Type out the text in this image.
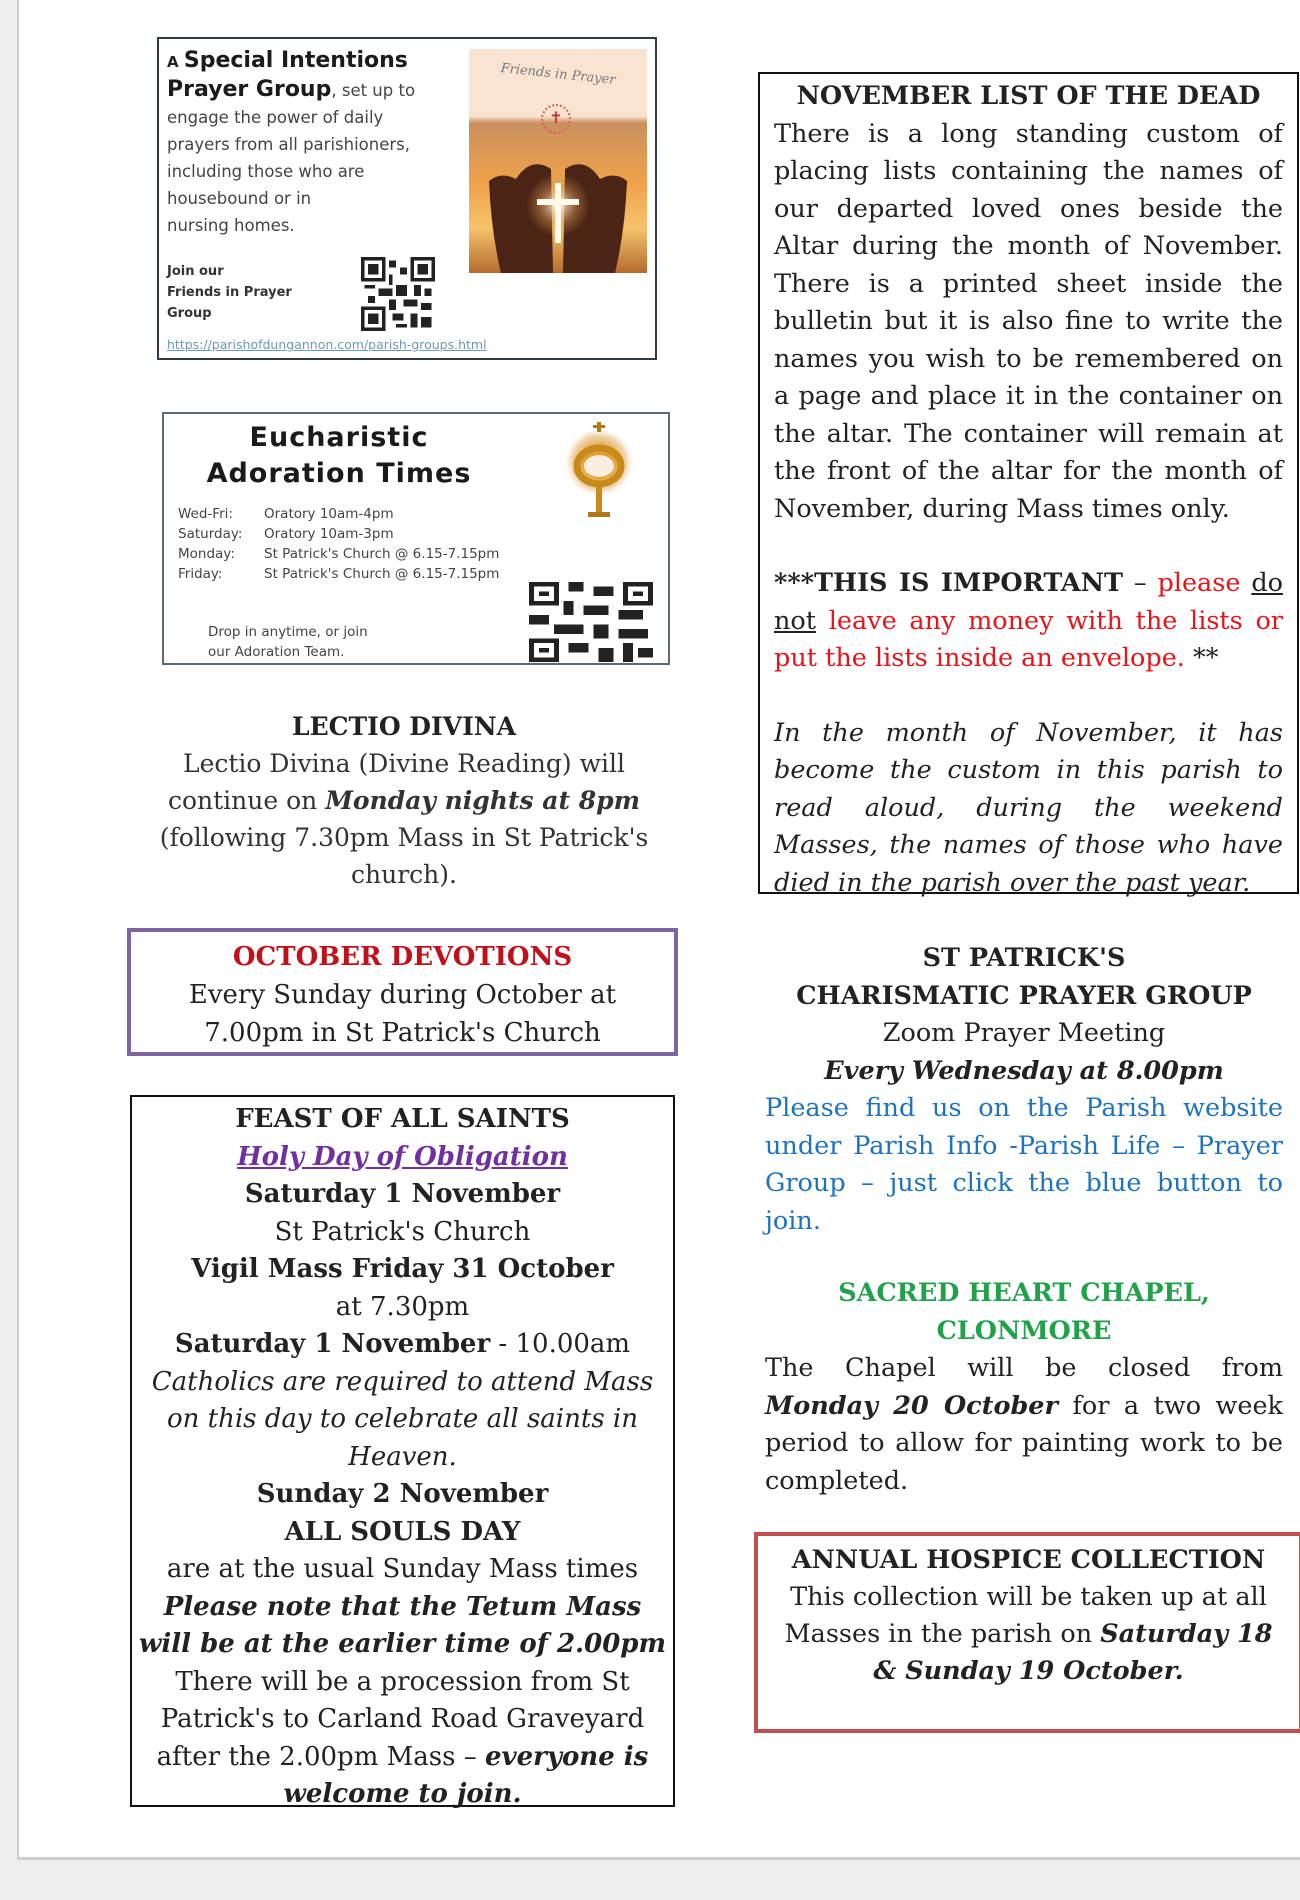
A Special Intentions
Prayer Group, set up to
engage the power of daily
prayers from all parishioners,
including those who are
housebound or in
nursing homes.
Join our
Friends in Prayer
Group
https://parishofdungannon.com/parish-groups.html
Friends in Prayer
✝
Eucharistic
Adoration Times
Wed-Fri: Oratory 10am-4pm
Saturday: Oratory 10am-3pm
Monday: St Patrick's Church @ 6.15-7.15pm
Friday:	St Patrick's Church @ 6.15-7.15pm
Drop in anytime, or join
our Adoration Team.
LECTIO DIVINA
Lectio Divina (Divine Reading) will
continue on Monday nights at 8pm
(following 7.30pm Mass in St Patrick's
church).
OCTOBER DEVOTIONS
Every Sunday during October at
7.00pm in St Patrick's Church
FEAST OF ALL SAINTS
Holy Day of Obligation
Saturday 1 November
St Patrick's Church
Vigil Mass Friday 31 October
at 7.30pm
Saturday 1 November - 10.00am
Catholics are required to attend Mass
on this day to celebrate all saints in
Heaven.
Sunday 2 November
ALL SOULS DAY
are at the usual Sunday Mass times
Please note that the Tetum Mass
will be at the earlier time of 2.00pm
There will be a procession from St
Patrick's to Carland Road Graveyard
after the 2.00pm Mass – everyone is
welcome to join.
NOVEMBER LIST OF THE DEAD

There is a long standing custom of placing lists containing the names of our departed loved ones beside the Altar during the month of November. There is a printed sheet inside the bulletin but it is also fine to write the names you wish to be remembered on a page and place it in the container on the altar. The container will remain at the front of the altar for the month of November, during Mass times only.

***THIS IS IMPORTANT – please do not leave any money with the lists or put the lists inside an envelope. **

In the month of November, it has become the custom in this parish to read aloud, during the weekend Masses, the names of those who have died in the parish over the past year.

ST PATRICK'S
CHARISMATIC PRAYER GROUP
Zoom Prayer Meeting
Every Wednesday at 8.00pm
Please find us on the Parish website under Parish Info -Parish Life – Prayer Group – just click the blue button to join.
SACRED HEART CHAPEL,
CLONMORE
The Chapel will be closed from Monday 20 October for a two week period to allow for painting work to be completed.
ANNUAL HOSPICE COLLECTION
This collection will be taken up at all
Masses in the parish on Saturday 18
& Sunday 19 October.
